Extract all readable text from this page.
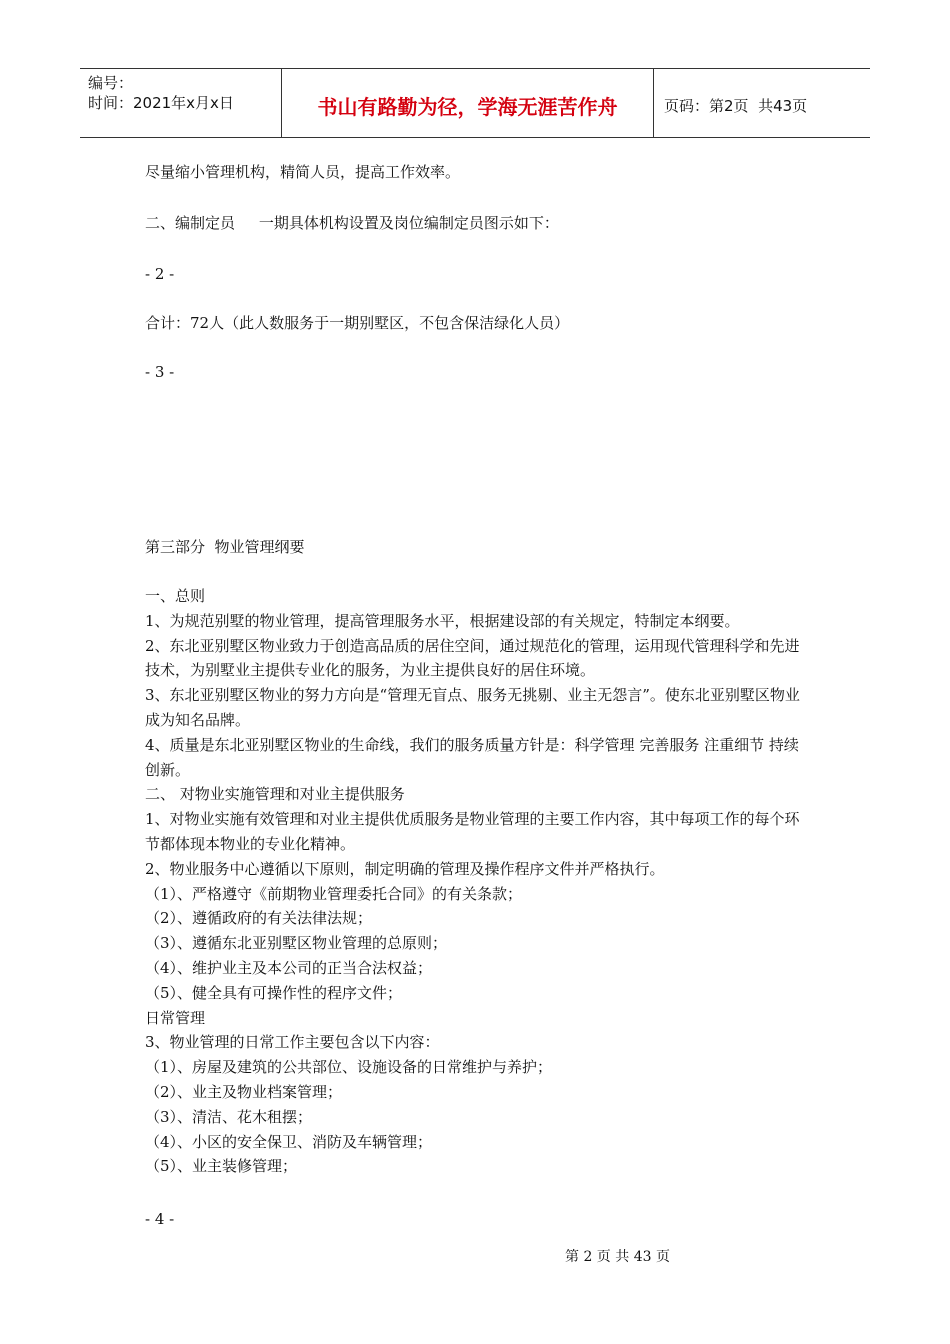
编号：
时间：2021年x月x日	书山有路勤为径，学海无涯苦作舟	页码：第2页  共43页
尽量缩小管理机构，精简人员，提高工作效率。
二、编制定员     一期具体机构设置及岗位编制定员图示如下：
- 2 -
合计：72人（此人数服务于一期别墅区，不包含保洁绿化人员）
- 3 -
第三部分  物业管理纲要

一、总则

1、为规范别墅的物业管理，提高管理服务水平，根据建设部的有关规定，特制定本纲要。

2、东北亚别墅区物业致力于创造高品质的居住空间，通过规范化的管理，运用现代管理科学和先进技术，为别墅业主提供专业化的服务，为业主提供良好的居住环境。

3、东北亚别墅区物业的努力方向是“管理无盲点、服务无挑剔、业主无怨言”。使东北亚别墅区物业成为知名品牌。

4、质量是东北亚别墅区物业的生命线，我们的服务质量方针是：科学管理 完善服务 注重细节 持续创新。

二、 对物业实施管理和对业主提供服务

1、对物业实施有效管理和对业主提供优质服务是物业管理的主要工作内容，其中每项工作的每个环节都体现本物业的专业化精神。

2、物业服务中心遵循以下原则，制定明确的管理及操作程序文件并严格执行。

（1）、严格遵守《前期物业管理委托合同》的有关条款；

（2）、遵循政府的有关法律法规；

（3）、遵循东北亚别墅区物业管理的总原则；

（4）、维护业主及本公司的正当合法权益；

（5）、健全具有可操作性的程序文件；

日常管理

3、物业管理的日常工作主要包含以下内容：

（1）、房屋及建筑的公共部位、设施设备的日常维护与养护；

（2）、业主及物业档案管理；

（3）、清洁、花木租摆；

（4）、小区的安全保卫、消防及车辆管理；

（5）、业主装修管理；

- 4 -
第 2 页 共 43 页
